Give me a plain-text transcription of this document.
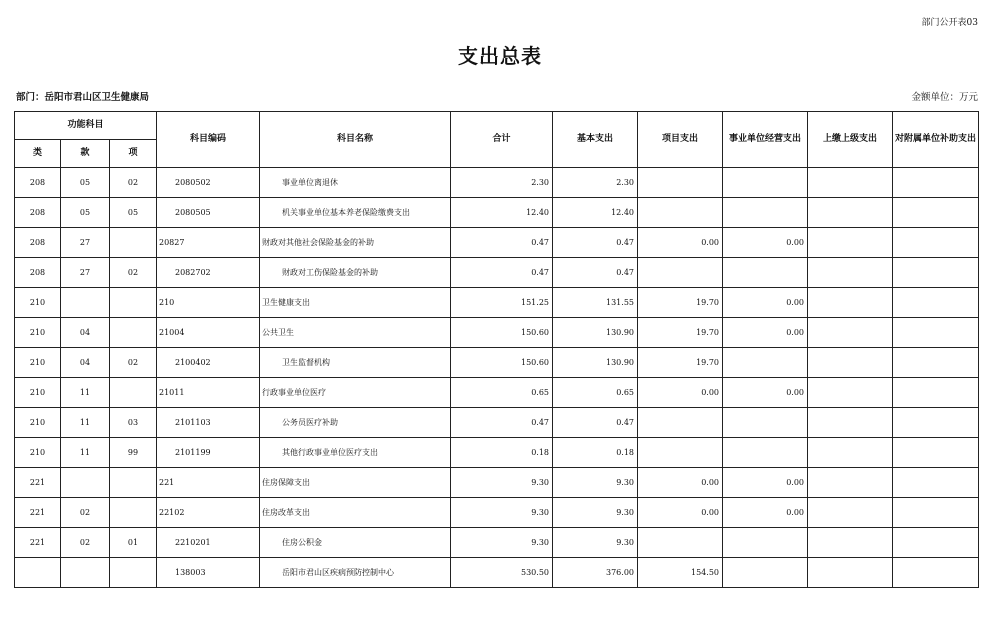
部门公开表03
支出总表
部门：岳阳市君山区卫生健康局	金额单位：万元
功能科目			科目编码	科目名称	合计	基本支出	项目支出	事业单位经营支出	上缴上级支出	对附属单位补助支出
类	款	项								
208	05	02	2080502	事业单位离退休	2.30	2.30				
208	05	05	2080505	机关事业单位基本养老保险缴费支出	12.40	12.40				
208	27		20827	财政对其他社会保险基金的补助	0.47	0.47	0.00	0.00		
208	27	02	2082702	财政对工伤保险基金的补助	0.47	0.47				
210			210	卫生健康支出	151.25	131.55	19.70	0.00		
210	04		21004	公共卫生	150.60	130.90	19.70	0.00		
210	04	02	2100402	卫生监督机构	150.60	130.90	19.70			
210	11		21011	行政事业单位医疗	0.65	0.65	0.00	0.00		
210	11	03	2101103	公务员医疗补助	0.47	0.47				
210	11	99	2101199	其他行政事业单位医疗支出	0.18	0.18				
221			221	住房保障支出	9.30	9.30	0.00	0.00		
221	02		22102	住房改革支出	9.30	9.30	0.00	0.00		
221	02	01	2210201	住房公积金	9.30	9.30				
			138003	岳阳市君山区疾病预防控制中心	530.50	376.00	154.50			
